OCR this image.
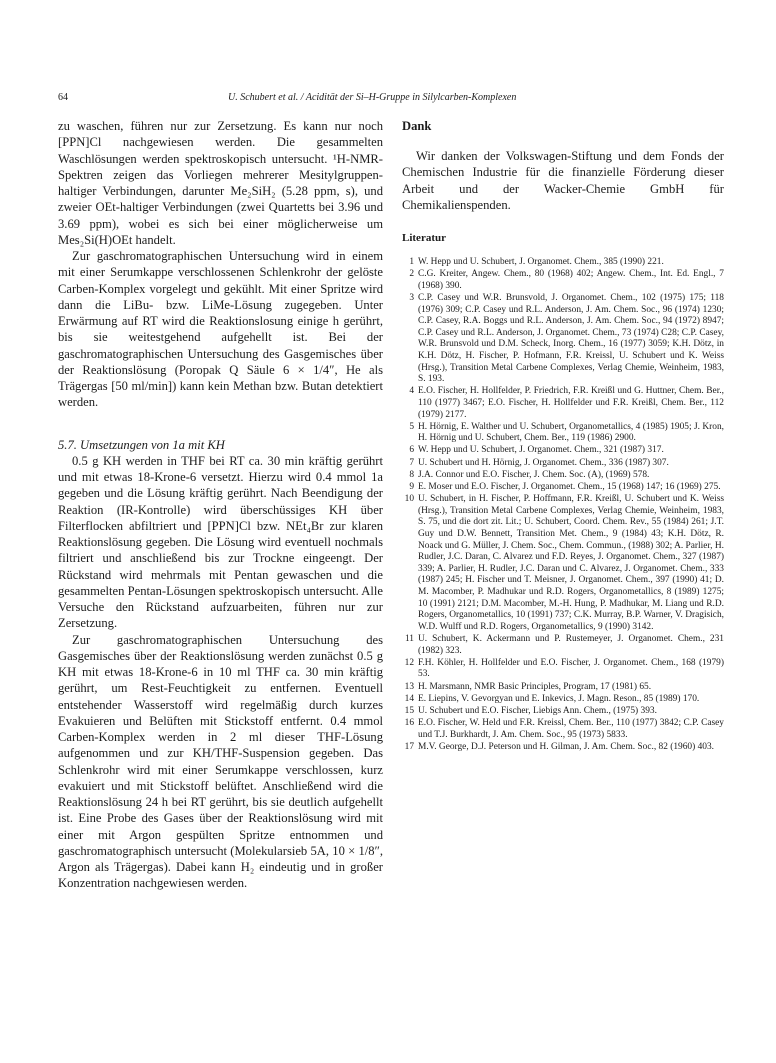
64	U. Schubert et al. / Acidität der Si–H-Gruppe in Silylcarben-Komplexen

zu waschen, führen nur zur Zersetzung. Es kann nur noch [PPN]Cl nachgewiesen werden. Die gesammelten Waschlösungen werden spektroskopisch untersucht. ¹H-NMR-Spektren zeigen das Vorliegen mehrerer Mesitylgruppen-haltiger Verbindungen, darunter Me₂SiH₂ (5.28 ppm, s), und zweier OEt-haltiger Verbindungen (zwei Quartetts bei 3.96 und 3.69 ppm), wobei es sich bei einer möglicherweise um Mes₂Si(H)OEt handelt.

Zur gaschromatographischen Untersuchung wird in einem mit einer Serumkappe verschlossenen Schlenkrohr der gelöste Carben-Komplex vorgelegt und gekühlt. Mit einer Spritze wird dann die LiBu- bzw. LiMe-Lösung zugegeben. Unter Erwärmung auf RT wird die Reaktionslosung einige h gerührt, bis sie weitestgehend aufgehellt ist. Bei der gaschromatographischen Untersuchung des Gasgemisches über der Reaktionslösung (Poropak Q Säule 6 × 1/4″, He als Trägergas [50 ml/min]) kann kein Methan bzw. Butan detektiert werden.

5.7. Umsetzungen von 1a mit KH

0.5 g KH werden in THF bei RT ca. 30 min kräftig gerührt und mit etwas 18-Krone-6 versetzt. Hierzu wird 0.4 mmol 1a gegeben und die Lösung kräftig gerührt. Nach Beendigung der Reaktion (IR-Kontrolle) wird überschüssiges KH über Filterflocken abfiltriert und [PPN]Cl bzw. NEt₄Br zur klaren Reaktionslösung gegeben. Die Lösung wird eventuell nochmals filtriert und anschließend bis zur Trockne eingeengt. Der Rückstand wird mehrmals mit Pentan gewaschen und die gesammelten Pentan-Lösungen spektroskopisch untersucht. Alle Versuche den Rückstand aufzuarbeiten, führen nur zur Zersetzung.

Zur gaschromatographischen Untersuchung des Gasgemisches über der Reaktionslösung werden zunächst 0.5 g KH mit etwas 18-Krone-6 in 10 ml THF ca. 30 min kräftig gerührt, um Rest-Feuchtigkeit zu entfernen. Eventuell entstehender Wasserstoff wird regelmäßig durch kurzes Evakuieren und Belüften mit Stickstoff entfernt. 0.4 mmol Carben-Komplex werden in 2 ml dieser THF-Lösung aufgenommen und zur KH/THF-Suspension gegeben. Das Schlenkrohr wird mit einer Serumkappe verschlossen, kurz evakuiert und mit Stickstoff belüftet. Anschließend wird die Reaktionslösung 24 h bei RT gerührt, bis sie deutlich aufgehellt ist. Eine Probe des Gases über der Reaktionslösung wird mit einer mit Argon gespülten Spritze entnommen und gaschromatographisch untersucht (Molekularsieb 5A, 10 × 1/8″, Argon als Trägergas). Dabei kann H₂ eindeutig und in großer Konzentration nachgewiesen werden.

Dank

Wir danken der Volkswagen-Stiftung und dem Fonds der Chemischen Industrie für die finanzielle Förderung dieser Arbeit und der Wacker-Chemie GmbH für Chemikalienspenden.

Literatur

1 W. Hepp und U. Schubert, J. Organomet. Chem., 385 (1990) 221.
2 C.G. Kreiter, Angew. Chem., 80 (1968) 402; Angew. Chem., Int. Ed. Engl., 7 (1968) 390.
3 C.P. Casey und W.R. Brunsvold, J. Organomet. Chem., 102 (1975) 175; 118 (1976) 309; C.P. Casey und R.L. Anderson, J. Am. Chem. Soc., 96 (1974) 1230; C.P. Casey, R.A. Boggs und R.L. Anderson, J. Am. Chem. Soc., 94 (1972) 8947; C.P. Casey und R.L. Anderson, J. Organomet. Chem., 73 (1974) C28; C.P. Casey, W.R. Brunsvold und D.M. Scheck, Inorg. Chem., 16 (1977) 3059; K.H. Dötz, in K.H. Dötz, H. Fischer, P. Hofmann, F.R. Kreissl, U. Schubert und K. Weiss (Hrsg.), Transition Metal Carbene Complexes, Verlag Chemie, Weinheim, 1983, S. 193.
4 E.O. Fischer, H. Hollfelder, P. Friedrich, F.R. Kreißl und G. Huttner, Chem. Ber., 110 (1977) 3467; E.O. Fischer, H. Hollfelder und F.R. Kreißl, Chem. Ber., 112 (1979) 2177.
5 H. Hörnig, E. Walther und U. Schubert, Organometallics, 4 (1985) 1905; J. Kron, H. Hörnig und U. Schubert, Chem. Ber., 119 (1986) 2900.
6 W. Hepp und U. Schubert, J. Organomet. Chem., 321 (1987) 317.
7 U. Schubert und H. Hörnig, J. Organomet. Chem., 336 (1987) 307.
8 J.A. Connor und E.O. Fischer, J. Chem. Soc. (A), (1969) 578.
9 E. Moser und E.O. Fischer, J. Organomet. Chem., 15 (1968) 147; 16 (1969) 275.
10 U. Schubert, in H. Fischer, P. Hoffmann, F.R. Kreißl, U. Schubert und K. Weiss (Hrsg.), Transition Metal Carbene Complexes, Verlag Chemie, Weinheim, 1983, S. 75, und die dort zit. Lit.; U. Schubert, Coord. Chem. Rev., 55 (1984) 261; J.T. Guy und D.W. Bennett, Transition Met. Chem., 9 (1984) 43; K.H. Dötz, R. Noack und G. Müller, J. Chem. Soc., Chem. Commun., (1988) 302; A. Parlier, H. Rudler, J.C. Daran, C. Alvarez und F.D. Reyes, J. Organomet. Chem., 327 (1987) 339; A. Parlier, H. Rudler, J.C. Daran und C. Alvarez, J. Organomet. Chem., 333 (1987) 245; H. Fischer und T. Meisner, J. Organomet. Chem., 397 (1990) 41; D. M. Macomber, P. Madhukar und R.D. Rogers, Organometallics, 8 (1989) 1275; 10 (1991) 2121; D.M. Macomber, M.-H. Hung, P. Madhukar, M. Liang und R.D. Rogers, Organometallics, 10 (1991) 737; C.K. Murray, B.P. Warner, V. Dragisich, W.D. Wulff und R.D. Rogers, Organometallics, 9 (1990) 3142.
11 U. Schubert, K. Ackermann und P. Rustemeyer, J. Organomet. Chem., 231 (1982) 323.
12 F.H. Köhler, H. Hollfelder und E.O. Fischer, J. Organomet. Chem., 168 (1979) 53.
13 H. Marsmann, NMR Basic Principles, Program, 17 (1981) 65.
14 E. Liepins, V. Gevorgyan und E. Inkevics, J. Magn. Reson., 85 (1989) 170.
15 U. Schubert und E.O. Fischer, Liebigs Ann. Chem., (1975) 393.
16 E.O. Fischer, W. Held und F.R. Kreissl, Chem. Ber., 110 (1977) 3842; C.P. Casey und T.J. Burkhardt, J. Am. Chem. Soc., 95 (1973) 5833.
17 M.V. George, D.J. Peterson und H. Gilman, J. Am. Chem. Soc., 82 (1960) 403.
